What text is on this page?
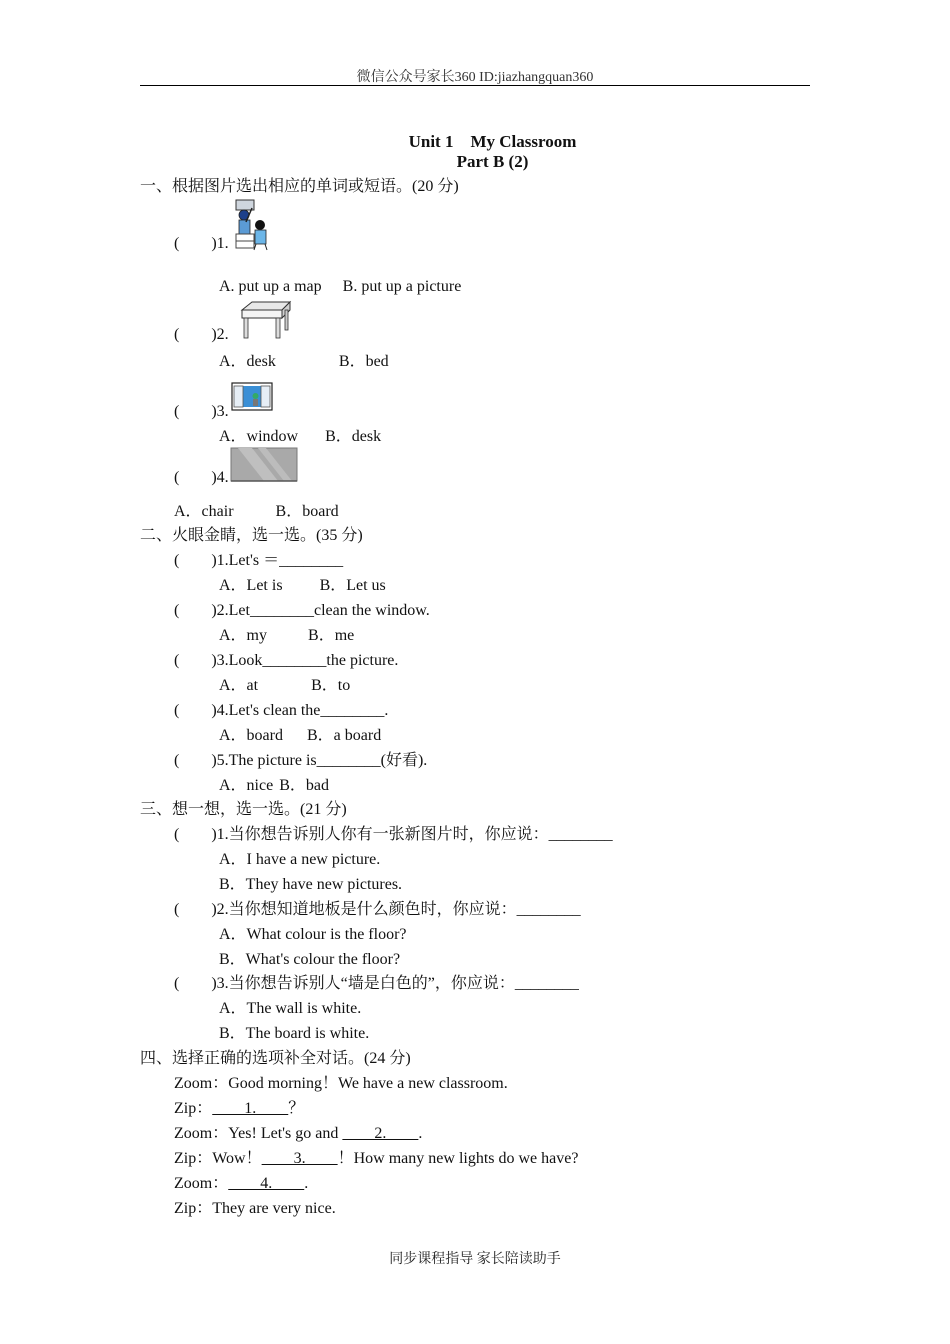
微信公众号家长360 ID:jiazhangquan360
Unit 1　My Classroom
Part B (2)
一、根据图片选出相应的单词或短语。(20 分)
(　　)1.
A. put up a map B. put up a picture
(　　)2.
A．desk	B．bed
(　　)3.
A．window B．desk
(　　)4.
A．chair	B．board
二、火眼金睛，选一选。(35 分)
(　　)1.Let's ＝________
A．Let is B．Let us
(　　)2.Let________clean the window.
A．my	B．me
(　　)3.Look________the picture.
A．at	B．to
(　　)4.Let's clean the________.
A．board B．a board
(　　)5.The picture is________(好看).
A．nice B．bad
三、想一想，选一选。(21 分)
(　　)1.当你想告诉别人你有一张新图片时，你应说：________
A．I have a new picture.
B．They have new pictures.
(　　)2.当你想知道地板是什么颜色时，你应说：________
A．What colour is the floor?
B．What's colour the floor?
(　　)3.当你想告诉别人“墙是白色的”，你应说：________
A．The wall is white.
B．The board is white.
四、选择正确的选项补全对话。(24 分)
Zoom：Good morning！We have a new classroom.
Zip：　　1.　　？
Zoom：Yes! Let's go and 　　2.　　.
Zip：Wow！　　3.　　！How many new lights do we have?
Zoom：　　4.　　.
Zip：They are very nice.
同步课程指导 家长陪读助手
